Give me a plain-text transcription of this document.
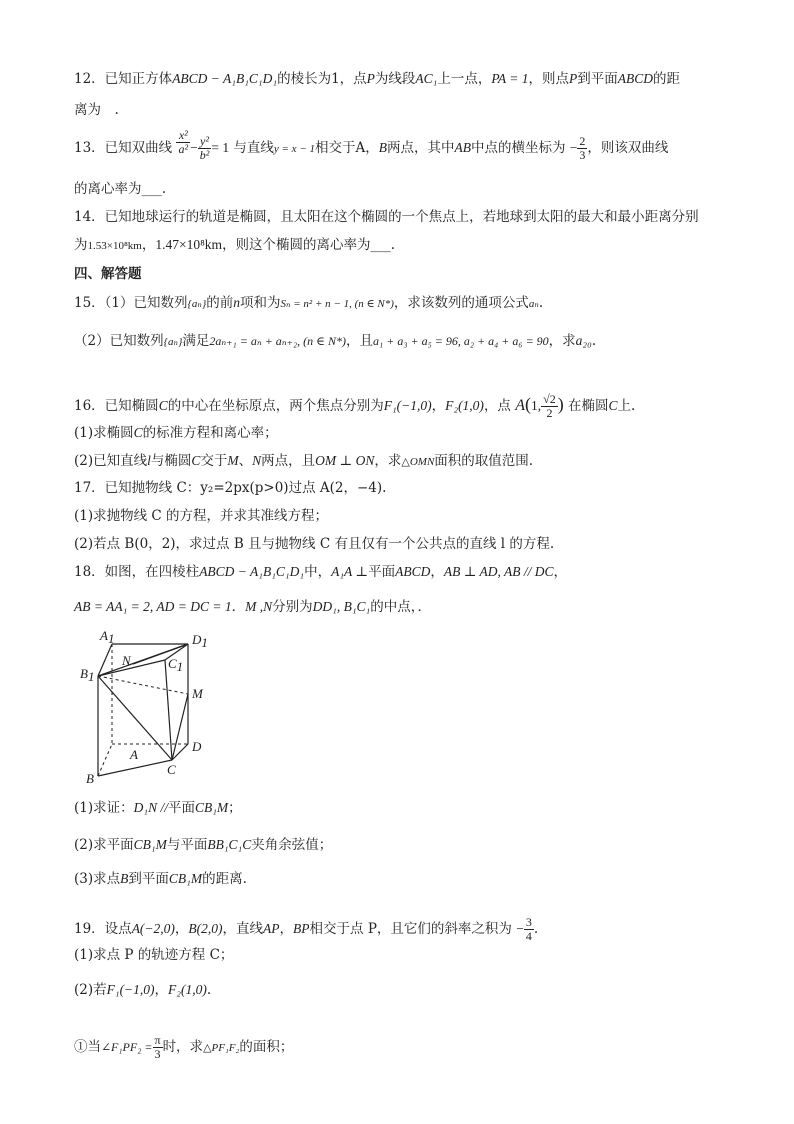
12．已知正方体ABCD − A₁B₁C₁D₁的棱长为1，点P为线段AC₁上一点，PA = 1，则点P到平面ABCD的距
离为　.
13．已知双曲线 $\frac{\text{x²}}{\text{a²}} - \frac{\text{y²}}{\text{b²}} = 1$ 与直线y = x − 1相交于A，B两点，其中AB中点的横坐标为 − $\frac{2}{3}$ ，则该双曲线
的离心率为___.
14．已知地球运行的轨道是椭圆，且太阳在这个椭圆的一个焦点上，若地球到太阳的最大和最小距离分别
为1.53×10⁸km，1.47×10⁸km，则这个椭圆的离心率为___.
四、解答题
15．（1）已知数列{aₙ}的前n项和为Sₙ = n² + n − 1, (n ∈ N*)，求该数列的通项公式aₙ.
（2）已知数列{aₙ}满足2aₙ₊₁ = aₙ + aₙ₊₂, (n ∈ N*)，且a₁ + a₃ + a₅ = 96, a₂ + a₄ + a₆ = 90，求a₂₀.
16．已知椭圆C的中心在坐标原点，两个焦点分别为F₁(−1,0)，F₂(1,0)，点 A(1, $\frac{√2}{2}$ ) 在椭圆C上.
(1)求椭圆C的标准方程和离心率；
(2)已知直线l与椭圆C交于M、N两点，且OM ⊥ ON，求△OMN面积的取值范围.
17．已知抛物线 C：y₂=2px(p>0)过点 A(2，−4).
(1)求抛物线 C 的方程，并求其准线方程；
(2)若点 B(0，2)，求过点 B 且与抛物线 C 有且仅有一个公共点的直线 l 的方程.
18．如图，在四棱柱ABCD − A₁B₁C₁D₁中，A₁A ⊥平面ABCD，AB ⊥ AD, AB // DC，
AB = AA₁ = 2, AD = DC = 1．M ,N分别为DD₁, B₁C₁的中点，．
A1	D1
B1
C1
N
M
A
D
B
C
(1)求证：D₁N //平面CB₁M；
(2)求平面CB₁M与平面BB₁C₁C夹角余弦值；
(3)求点B到平面CB₁M的距离.
19．设点A(−2,0)，B(2,0)，直线AP，BP相交于点 P，且它们的斜率之积为 − $\frac{3}{4}$ .
(1)求点 P 的轨迹方程 C；
(2)若F₁(−1,0)，F₂(1,0).
①当∠F₁PF₂ = $\frac{\pi}{3}$ 时，求△PF₁F₂的面积；
